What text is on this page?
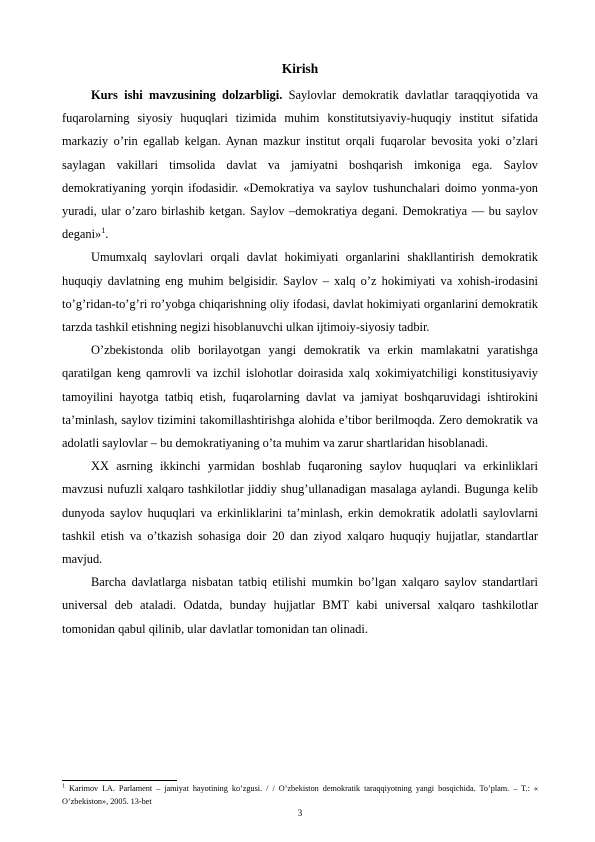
Kirish

Kurs ishi mavzusining dolzarbligi. Saylovlar demokratik davlatlar taraqqiyotida va fuqarolarning siyosiy huquqlari tizimida muhim konstitutsiyaviy-huquqiy institut sifatida markaziy o’rin egallab kelgan. Aynan mazkur institut orqali fuqarolar bevosita yoki o’zlari saylagan vakillari timsolida davlat va jamiyatni boshqarish imkoniga ega. Saylov demokratiyaning yorqin ifodasidir. «Demokratiya va saylov tushunchalari doimo yonma-yon yuradi, ular o’zaro birlashib ketgan. Saylov –demokratiya degani. Demokratiya — bu saylov degani»$^1$.

Umumxalq saylovlari orqali davlat hokimiyati organlarini shakllantirish demokratik huquqiy davlatning eng muhim belgisidir. Saylov – xalq o’z hokimiyati va xohish-irodasini to’g’ridan-to’g’ri ro’yobga chiqarishning oliy ifodasi, davlat hokimiyati organlarini demokratik tarzda tashkil etishning negizi hisoblanuvchi ulkan ijtimoiy-siyosiy tadbir.

O’zbekistonda olib borilayotgan yangi demokratik va erkin mamlakatni yaratishga qaratilgan keng qamrovli va izchil islohotlar doirasida xalq xokimiyatchiligi konstitusiyaviy tamoyilini hayotga tatbiq etish, fuqarolarning davlat va jamiyat boshqaruvidagi ishtirokini ta’minlash, saylov tizimini takomillashtirishga alohida e’tibor berilmoqda. Zero demokratik va adolatli saylovlar – bu demokratiyaning o’ta muhim va zarur shartlaridan hisoblanadi.

XX asrning ikkinchi yarmidan boshlab fuqaroning saylov huquqlari va erkinliklari mavzusi nufuzli xalqaro tashkilotlar jiddiy shug’ullanadigan masalaga aylandi. Bugunga kelib dunyoda saylov huquqlari va erkinliklarini ta’minlash, erkin demokratik adolatli saylovlarni tashkil etish va o’tkazish sohasiga doir 20 dan ziyod xalqaro huquqiy hujjatlar, standartlar mavjud.

Barcha davlatlarga nisbatan tatbiq etilishi mumkin bo’lgan xalqaro saylov standartlari universal deb ataladi. Odatda, bunday hujjatlar BMT kabi universal xalqaro tashkilotlar tomonidan qabul qilinib, ular davlatlar tomonidan tan olinadi.

$^1$ Karimov I.A. Parlament – jamiyat hayotining ko’zgusi. / / O’zbekiston demokratik taraqqiyotning yangi bosqichida. To’plam. – T.: « O’zbekiston», 2005. 13-bet
3
